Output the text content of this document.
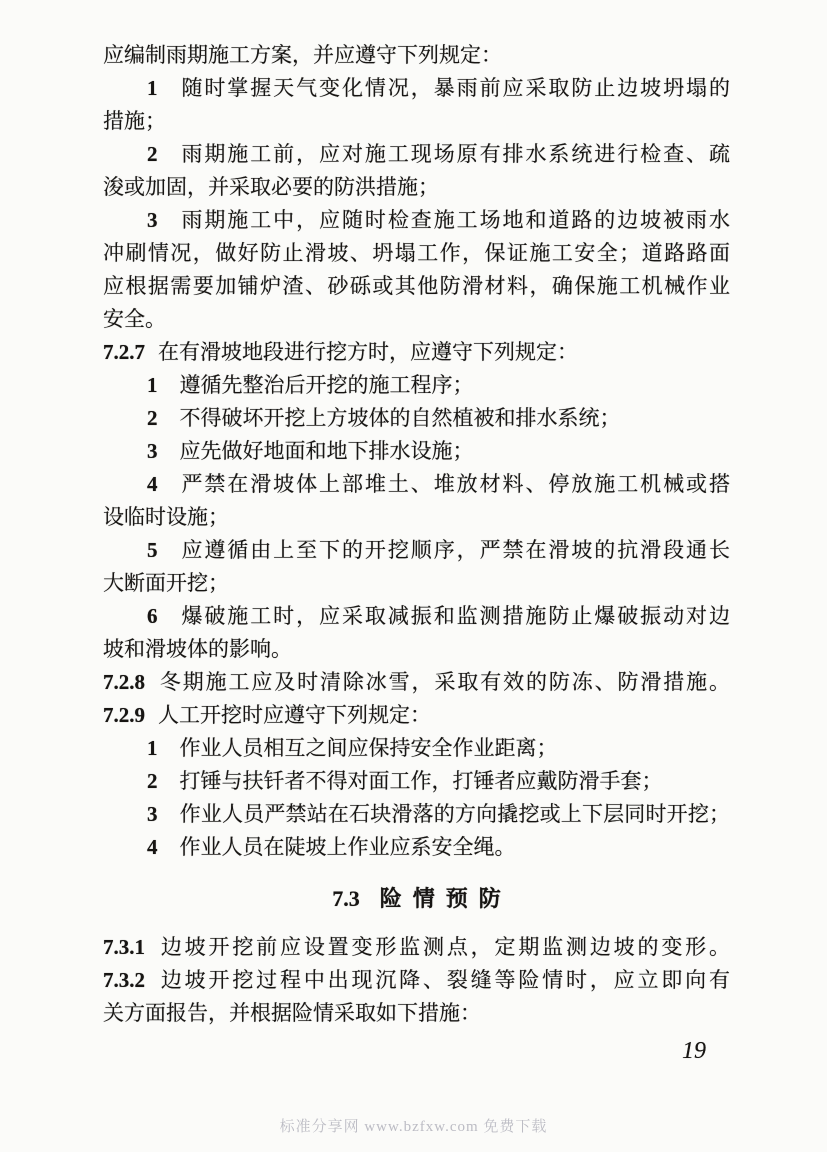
应编制雨期施工方案，并应遵守下列规定：
1 随时掌握天气变化情况，暴雨前应采取防止边坡坍塌的
措施；
2 雨期施工前，应对施工现场原有排水系统进行检查、疏
浚或加固，并采取必要的防洪措施；
3 雨期施工中，应随时检查施工场地和道路的边坡被雨水
冲刷情况，做好防止滑坡、坍塌工作，保证施工安全；道路路面
应根据需要加铺炉渣、砂砾或其他防滑材料，确保施工机械作业
安全。
7.2.7 在有滑坡地段进行挖方时，应遵守下列规定：
1 遵循先整治后开挖的施工程序；
2 不得破坏开挖上方坡体的自然植被和排水系统；
3 应先做好地面和地下排水设施；
4 严禁在滑坡体上部堆土、堆放材料、停放施工机械或搭
设临时设施；
5 应遵循由上至下的开挖顺序，严禁在滑坡的抗滑段通长
大断面开挖；
6 爆破施工时，应采取减振和监测措施防止爆破振动对边
坡和滑坡体的影响。
7.2.8 冬期施工应及时清除冰雪，采取有效的防冻、防滑措施。
7.2.9 人工开挖时应遵守下列规定：
1 作业人员相互之间应保持安全作业距离；
2 打锤与扶钎者不得对面工作，打锤者应戴防滑手套；
3 作业人员严禁站在石块滑落的方向撬挖或上下层同时开挖；
4 作业人员在陡坡上作业应系安全绳。
7.3 险情预防
7.3.1 边坡开挖前应设置变形监测点，定期监测边坡的变形。
7.3.2 边坡开挖过程中出现沉降、裂缝等险情时，应立即向有
关方面报告，并根据险情采取如下措施：
19
标准分享网 www.bzfxw.com 免费下载
